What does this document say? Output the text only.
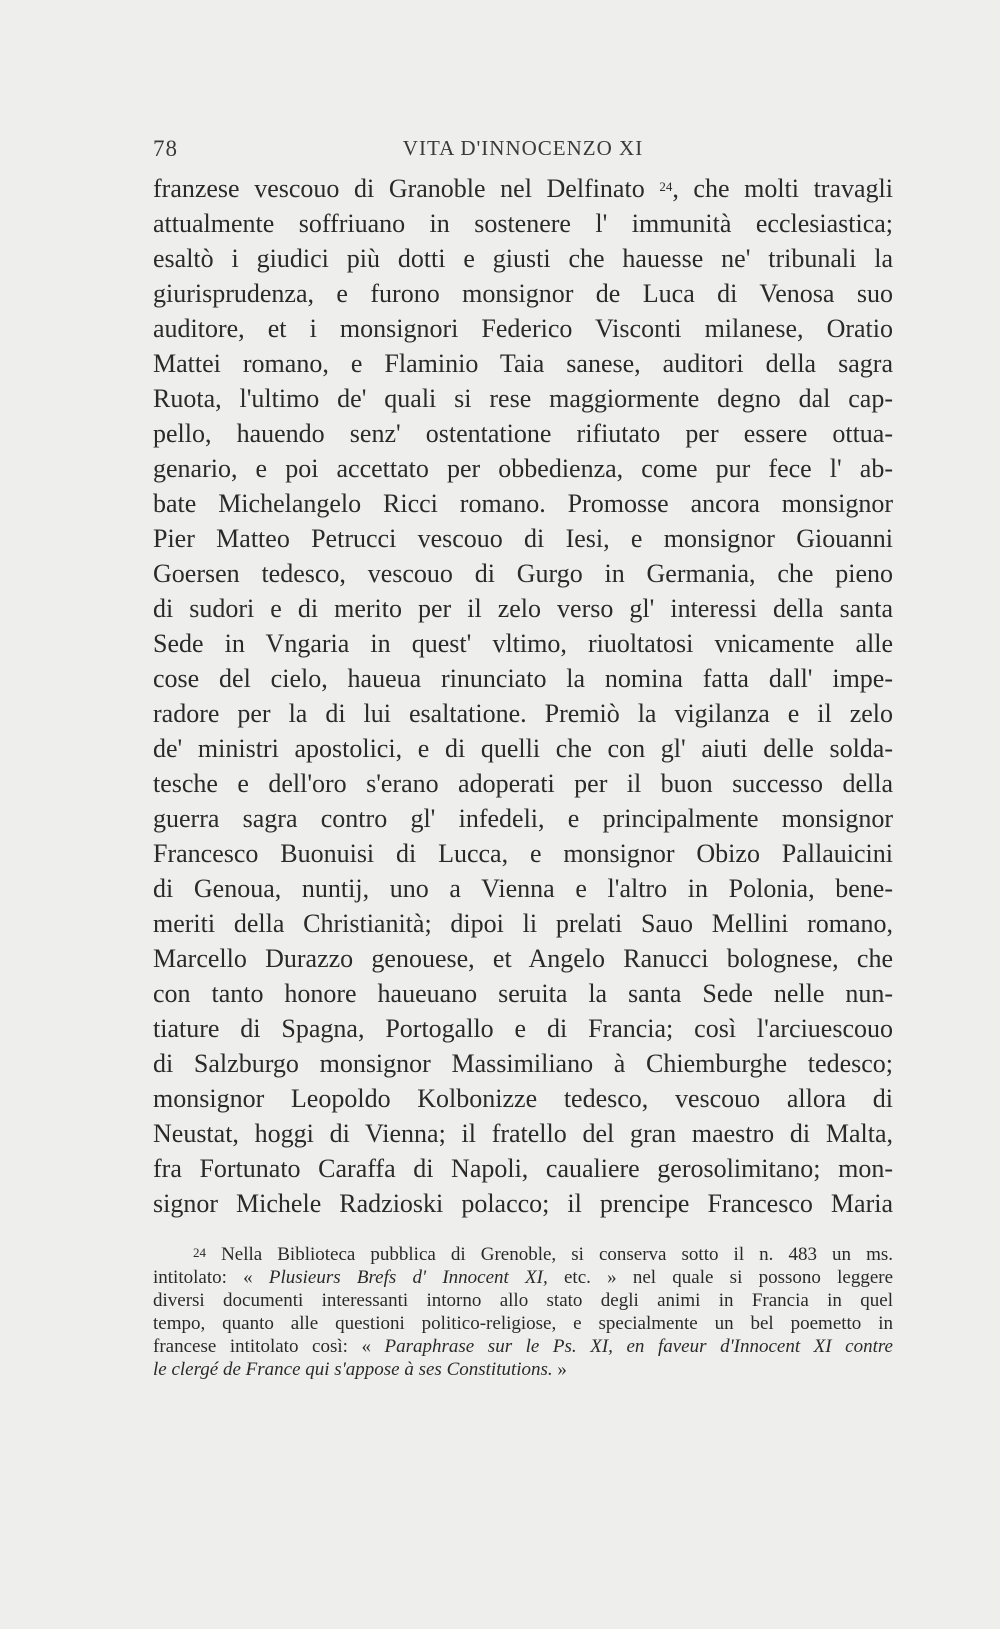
78	VITA D'INNOCENZO XI
franzese vescouo di Granoble nel Delfinato $^{24}$, che molti travagli
attualmente soffriuano in sostenere l' immunità ecclesiastica;
esaltò i giudici più dotti e giusti che hauesse ne' tribunali la
giurisprudenza, e furono monsignor de Luca di Venosa suo
auditore, et i monsignori Federico Visconti milanese, Oratio
Mattei romano, e Flaminio Taia sanese, auditori della sagra
Ruota, l'ultimo de' quali si rese maggiormente degno dal cap-
pello, hauendo senz' ostentatione rifiutato per essere ottua-
genario, e poi accettato per obbedienza, come pur fece l' ab-
bate Michelangelo Ricci romano. Promosse ancora monsignor
Pier Matteo Petrucci vescouo di Iesi, e monsignor Giouanni
Goersen tedesco, vescouo di Gurgo in Germania, che pieno
di sudori e di merito per il zelo verso gl' interessi della santa
Sede in Vngaria in quest' vltimo, riuoltatosi vnicamente alle
cose del cielo, haueua rinunciato la nomina fatta dall' impe-
radore per la di lui esaltatione. Premiò la vigilanza e il zelo
de' ministri apostolici, e di quelli che con gl' aiuti delle solda-
tesche e dell'oro s'erano adoperati per il buon successo della
guerra sagra contro gl' infedeli, e principalmente monsignor
Francesco Buonuisi di Lucca, e monsignor Obizo Pallauicini
di Genoua, nuntij, uno a Vienna e l'altro in Polonia, bene-
meriti della Christianità; dipoi li prelati Sauo Mellini romano,
Marcello Durazzo genouese, et Angelo Ranucci bolognese, che
con tanto honore haueuano seruita la santa Sede nelle nun-
tiature di Spagna, Portogallo e di Francia; così l'arciuescouo
di Salzburgo monsignor Massimiliano à Chiemburghe tedesco;
monsignor Leopoldo Kolbonizze tedesco, vescouo allora di
Neustat, hoggi di Vienna; il fratello del gran maestro di Malta,
fra Fortunato Caraffa di Napoli, caualiere gerosolimitano; mon-
signor Michele Radzioski polacco; il prencipe Francesco Maria
$^{24}$ Nella Biblioteca pubblica di Grenoble, si conserva sotto il n. 483 un ms.
intitolato: « Plusieurs Brefs d' Innocent XI, etc. » nel quale si possono leggere
diversi documenti interessanti intorno allo stato degli animi in Francia in quel
tempo, quanto alle questioni politico-religiose, e specialmente un bel poemetto in
francese intitolato così: « Paraphrase sur le Ps. XI, en faveur d'Innocent XI contre
le clergé de France qui s'appose à ses Constitutions. »
